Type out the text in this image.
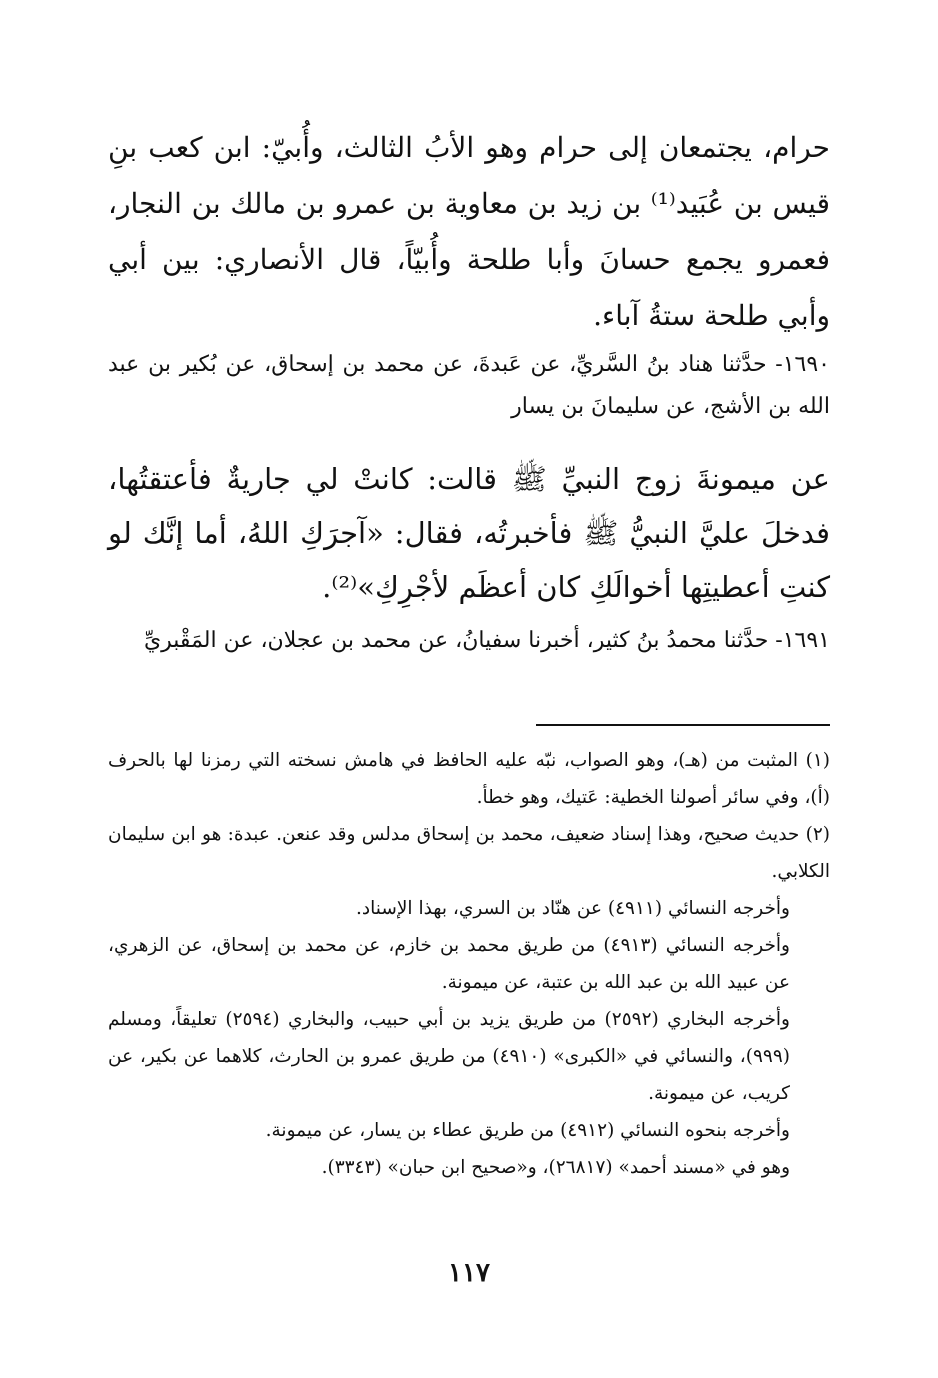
حرام، يجتمعان إلى حرام وهو الأبُ الثالث، وأُبيّ: ابن كعب بنِ قيس بن عُبَيد⁽¹⁾ بن زيد بن معاوية بن عمرو بن مالك بن النجار، فعمرو يجمع حسانَ وأبا طلحة وأُبيّاً، قال الأنصاري: بين أبي وأبي طلحة ستةُ آباء.

١٦٩٠- حدَّثنا هناد بنُ السَّريِّ، عن عَبدةَ، عن محمد بن إسحاق، عن بُكير بن عبد الله بن الأشج، عن سليمانَ بن يسار

عن ميمونةَ زوج النبيِّ ﷺ قالت: كانتْ لي جاريةٌ فأعتقتُها، فدخلَ عليَّ النبيُّ ﷺ فأخبرتُه، فقال: «آجرَكِ اللهُ، أما إنَّك لو كنتِ أعطيتِها أخوالَكِ كان أعظَم لأجْرِكِ»⁽²⁾.

١٦٩١- حدَّثنا محمدُ بنُ كثير، أخبرنا سفيانُ، عن محمد بن عجلان، عن المَقْبريِّ

(١) المثبت من (هـ)، وهو الصواب، نبّه عليه الحافظ في هامش نسخته التي رمزنا لها بالحرف (أ)، وفي سائر أصولنا الخطية: عَتيك، وهو خطأ.

(٢) حديث صحيح، وهذا إسناد ضعيف، محمد بن إسحاق مدلس وقد عنعن. عبدة: هو ابن سليمان الكلابي.

وأخرجه النسائي (٤٩١١) عن هنّاد بن السري، بهذا الإسناد.

وأخرجه النسائي (٤٩١٣) من طريق محمد بن خازم، عن محمد بن إسحاق، عن الزهري، عن عبيد الله بن عبد الله بن عتبة، عن ميمونة.

وأخرجه البخاري (٢٥٩٢) من طريق يزيد بن أبي حبيب، والبخاري (٢٥٩٤) تعليقاً، ومسلم (٩٩٩)، والنسائي في «الكبرى» (٤٩١٠) من طريق عمرو بن الحارث، كلاهما عن بكير، عن كريب، عن ميمونة.

وأخرجه بنحوه النسائي (٤٩١٢) من طريق عطاء بن يسار، عن ميمونة.

وهو في «مسند أحمد» (٢٦٨١٧)، و«صحيح ابن حبان» (٣٣٤٣).

١١٧
